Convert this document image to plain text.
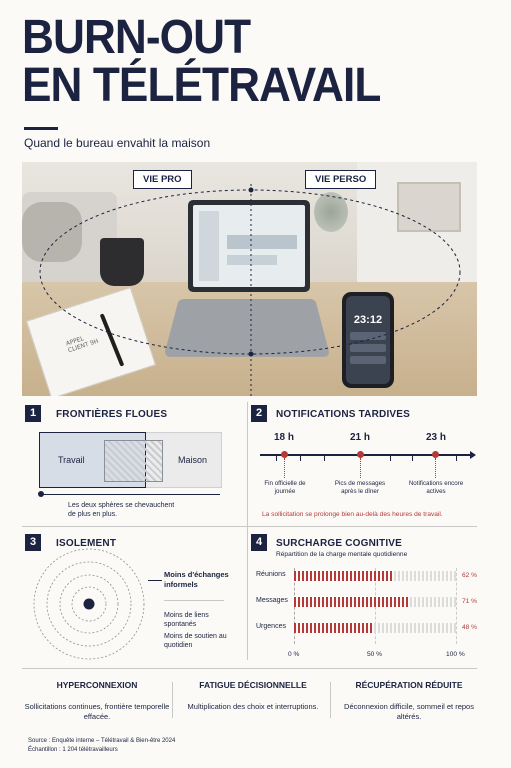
BURN-OUT
EN TÉLÉTRAVAIL
Quand le bureau envahit la maison
APPEL CLIENT 9H
23:12
VIE PRO	VIE PERSO
1	FRONTIÈRES FLOUES
Travail	Maison
Les deux sphères se chevauchent de plus en plus.
2	NOTIFICATIONS TARDIVES
18 h	21 h	23 h
Fin officielle de journée
Pics de messages après le dîner
Notifications encore actives
La sollicitation se prolonge bien au-delà des heures de travail.
3	ISOLEMENT
Moins d'échanges informels
Moins de liens spontanés
Moins de soutien au quotidien
4	SURCHARGE COGNITIVE
Répartition de la charge mentale quotidienne
0 %	50 %	100 %
HYPERCONNEXION
Sollicitations continues, frontière temporelle effacée.
FATIGUE DÉCISIONNELLE
Multiplication des choix et interruptions.
RÉCUPÉRATION RÉDUITE
Déconnexion difficile, sommeil et repos altérés.
Source : Enquête interne – Télétravail & Bien-être 2024
Échantillon : 1 204 télétravailleurs
Réunions	62 %
Messages	71 %
Urgences	48 %
